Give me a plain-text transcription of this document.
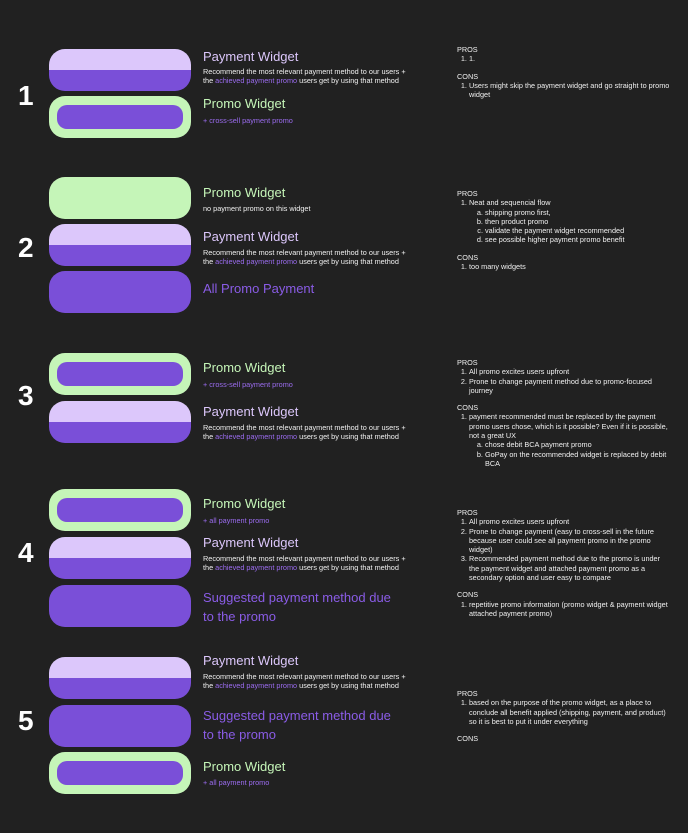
1
Payment Widget
Recommend the most relevant payment method to our users + the achieved payment promo users get by using that method
Promo Widget
+ cross-sell payment promo
PROS
1. 1.
CONS
1. Users might skip the payment widget and go straight to promo widget
2
Promo Widget
no payment promo on this widget
Payment Widget
Recommend the most relevant payment method to our users + the achieved payment promo users get by using that method
All Promo Payment
PROS
1. Neat and sequencial flow
a. shipping promo first,
b. then product promo
c. validate the payment widget recommended
d. see possible higher payment promo benefit
CONS
1. too many widgets
3
Promo Widget
+ cross-sell payment promo
Payment Widget
Recommend the most relevant payment method to our users + the achieved payment promo users get by using that method
PROS
1. All promo excites users upfront
2. Prone to change payment method due to promo-focused journey
CONS
1. payment recommended must be replaced by the payment promo users chose, which is it possible? Even if it is possible, not a great UX
a. chose debit BCA payment promo
b. GoPay on the recommended widget is replaced by debit BCA
4
Promo Widget
+ all payment promo
Payment Widget
Recommend the most relevant payment method to our users + the achieved payment promo users get by using that method
Suggested payment method due to the promo
PROS
1. All promo excites users upfront
2. Prone to change payment (easy to cross-sell in the future because user could see all payment promo in the promo widget)
3. Recommended payment method due to the promo is under the payment widget and attached payment promo as a secondary option and user easy to compare
CONS
1. repetitive promo information (promo widget & payment widget attached payment promo)
5
Payment Widget
Recommend the most relevant payment method to our users + the achieved payment promo users get by using that method
Suggested payment method due to the promo
Promo Widget
+ all payment promo
PROS
1. based on the purpose of the promo widget, as a place to conclude all benefit applied (shipping, payment, and product) so it is best to put it under everything
CONS
